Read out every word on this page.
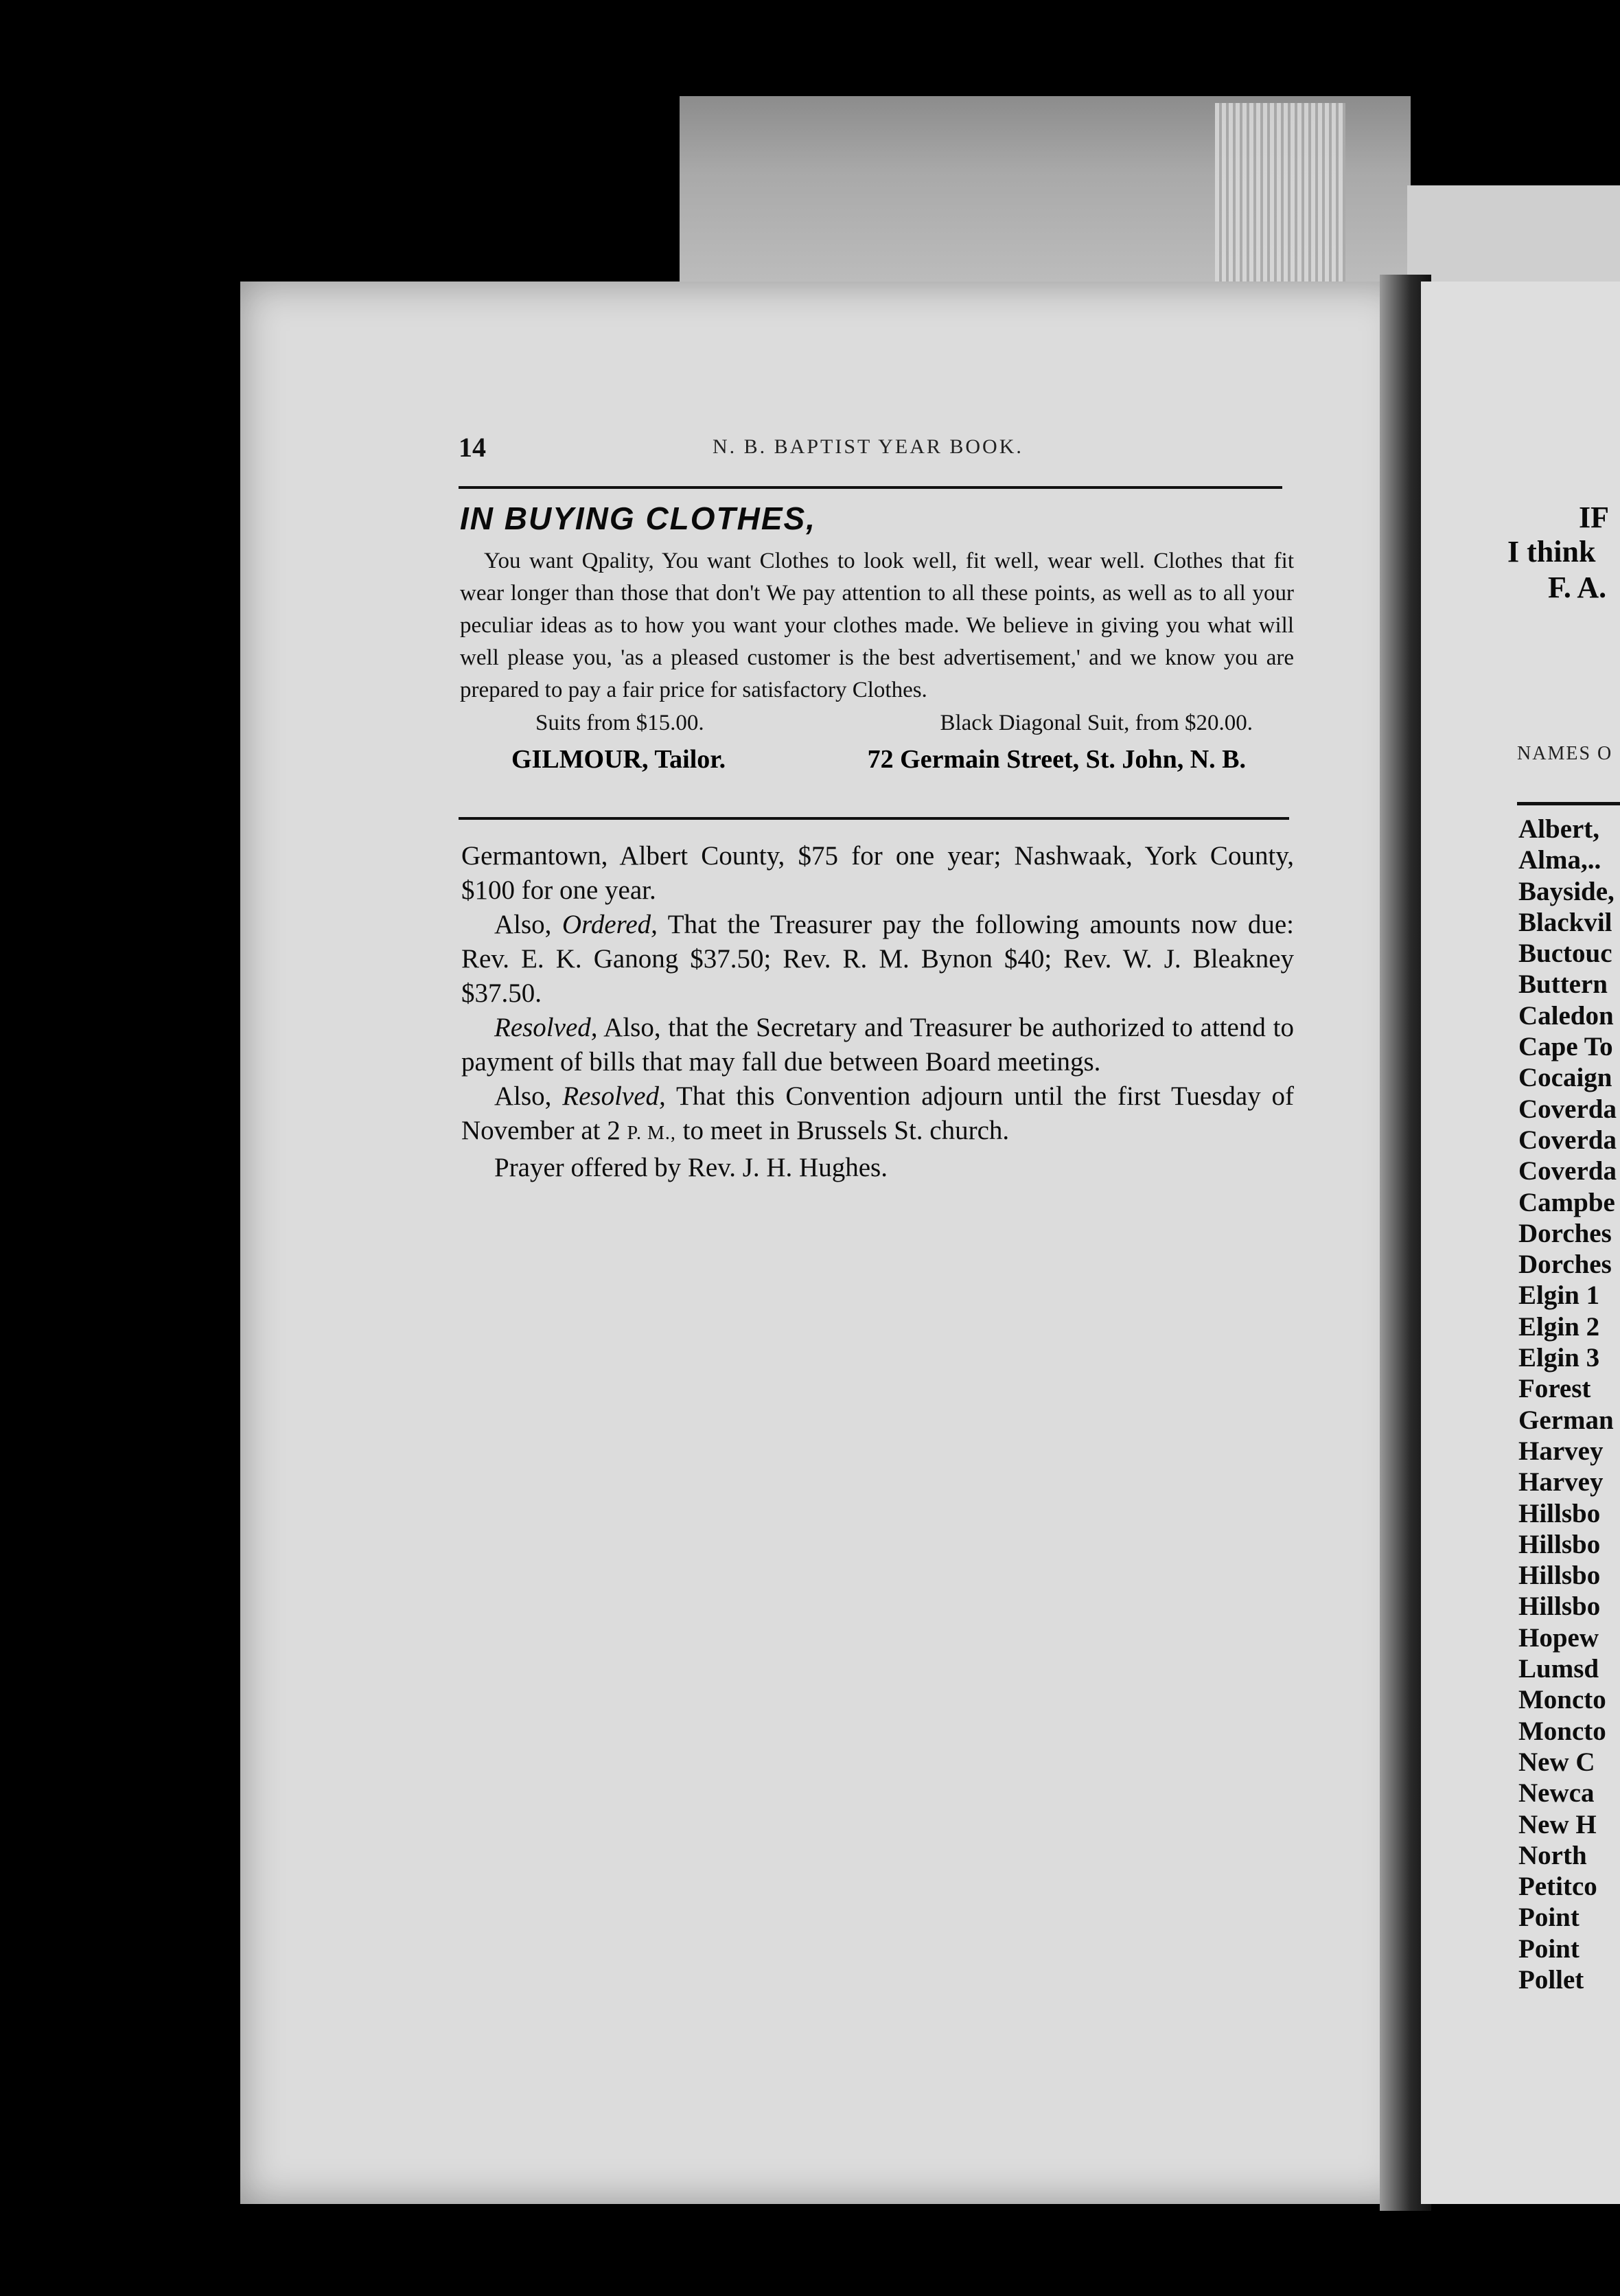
14	N. B. BAPTIST YEAR BOOK.
IN BUYING CLOTHES,

You want Qpality, You want Clothes to look well, fit well, wear well. Clothes that fit wear longer than those that don't We pay attention to all these points, as well as to all your peculiar ideas as to how you want your clothes made. We believe in giving you what will well please you, 'as a pleased customer is the best advertisement,' and we know you are prepared to pay a fair price for satisfactory Clothes.

Suits from $15.00.	Black Diagonal Suit, from $20.00.
GILMOUR, Tailor.	72 Germain Street, St. John, N. B.

Germantown, Albert County, $75 for one year; Nashwaak, York County, $100 for one year.

Also, Ordered, That the Treasurer pay the following amounts now due: Rev. E. K. Ganong $37.50; Rev. R. M. Bynon $40; Rev. W. J. Bleakney $37.50.

Resolved, Also, that the Secretary and Treasurer be authorized to attend to payment of bills that may fall due between Board meetings.

Also, Resolved, That this Convention adjourn until the first Tuesday of November at 2 P. M., to meet in Brussels St. church.

Prayer offered by Rev. J. H. Hughes.

IF
I think
F. A.
NAMES O
Albert,
Alma,..
Bayside,
Blackvil
Buctouc
Buttern
Caledon
Cape To
Cocaign
Coverda
Coverda
Coverda
Campbe
Dorches
Dorches
Elgin 1
Elgin 2
Elgin 3
Forest
German
Harvey
Harvey
Hillsbo
Hillsbo
Hillsbo
Hillsbo
Hopew
Lumsd
Moncto
Moncto
New C
Newca
New H
North
Petitco
Point
Point
Pollet
